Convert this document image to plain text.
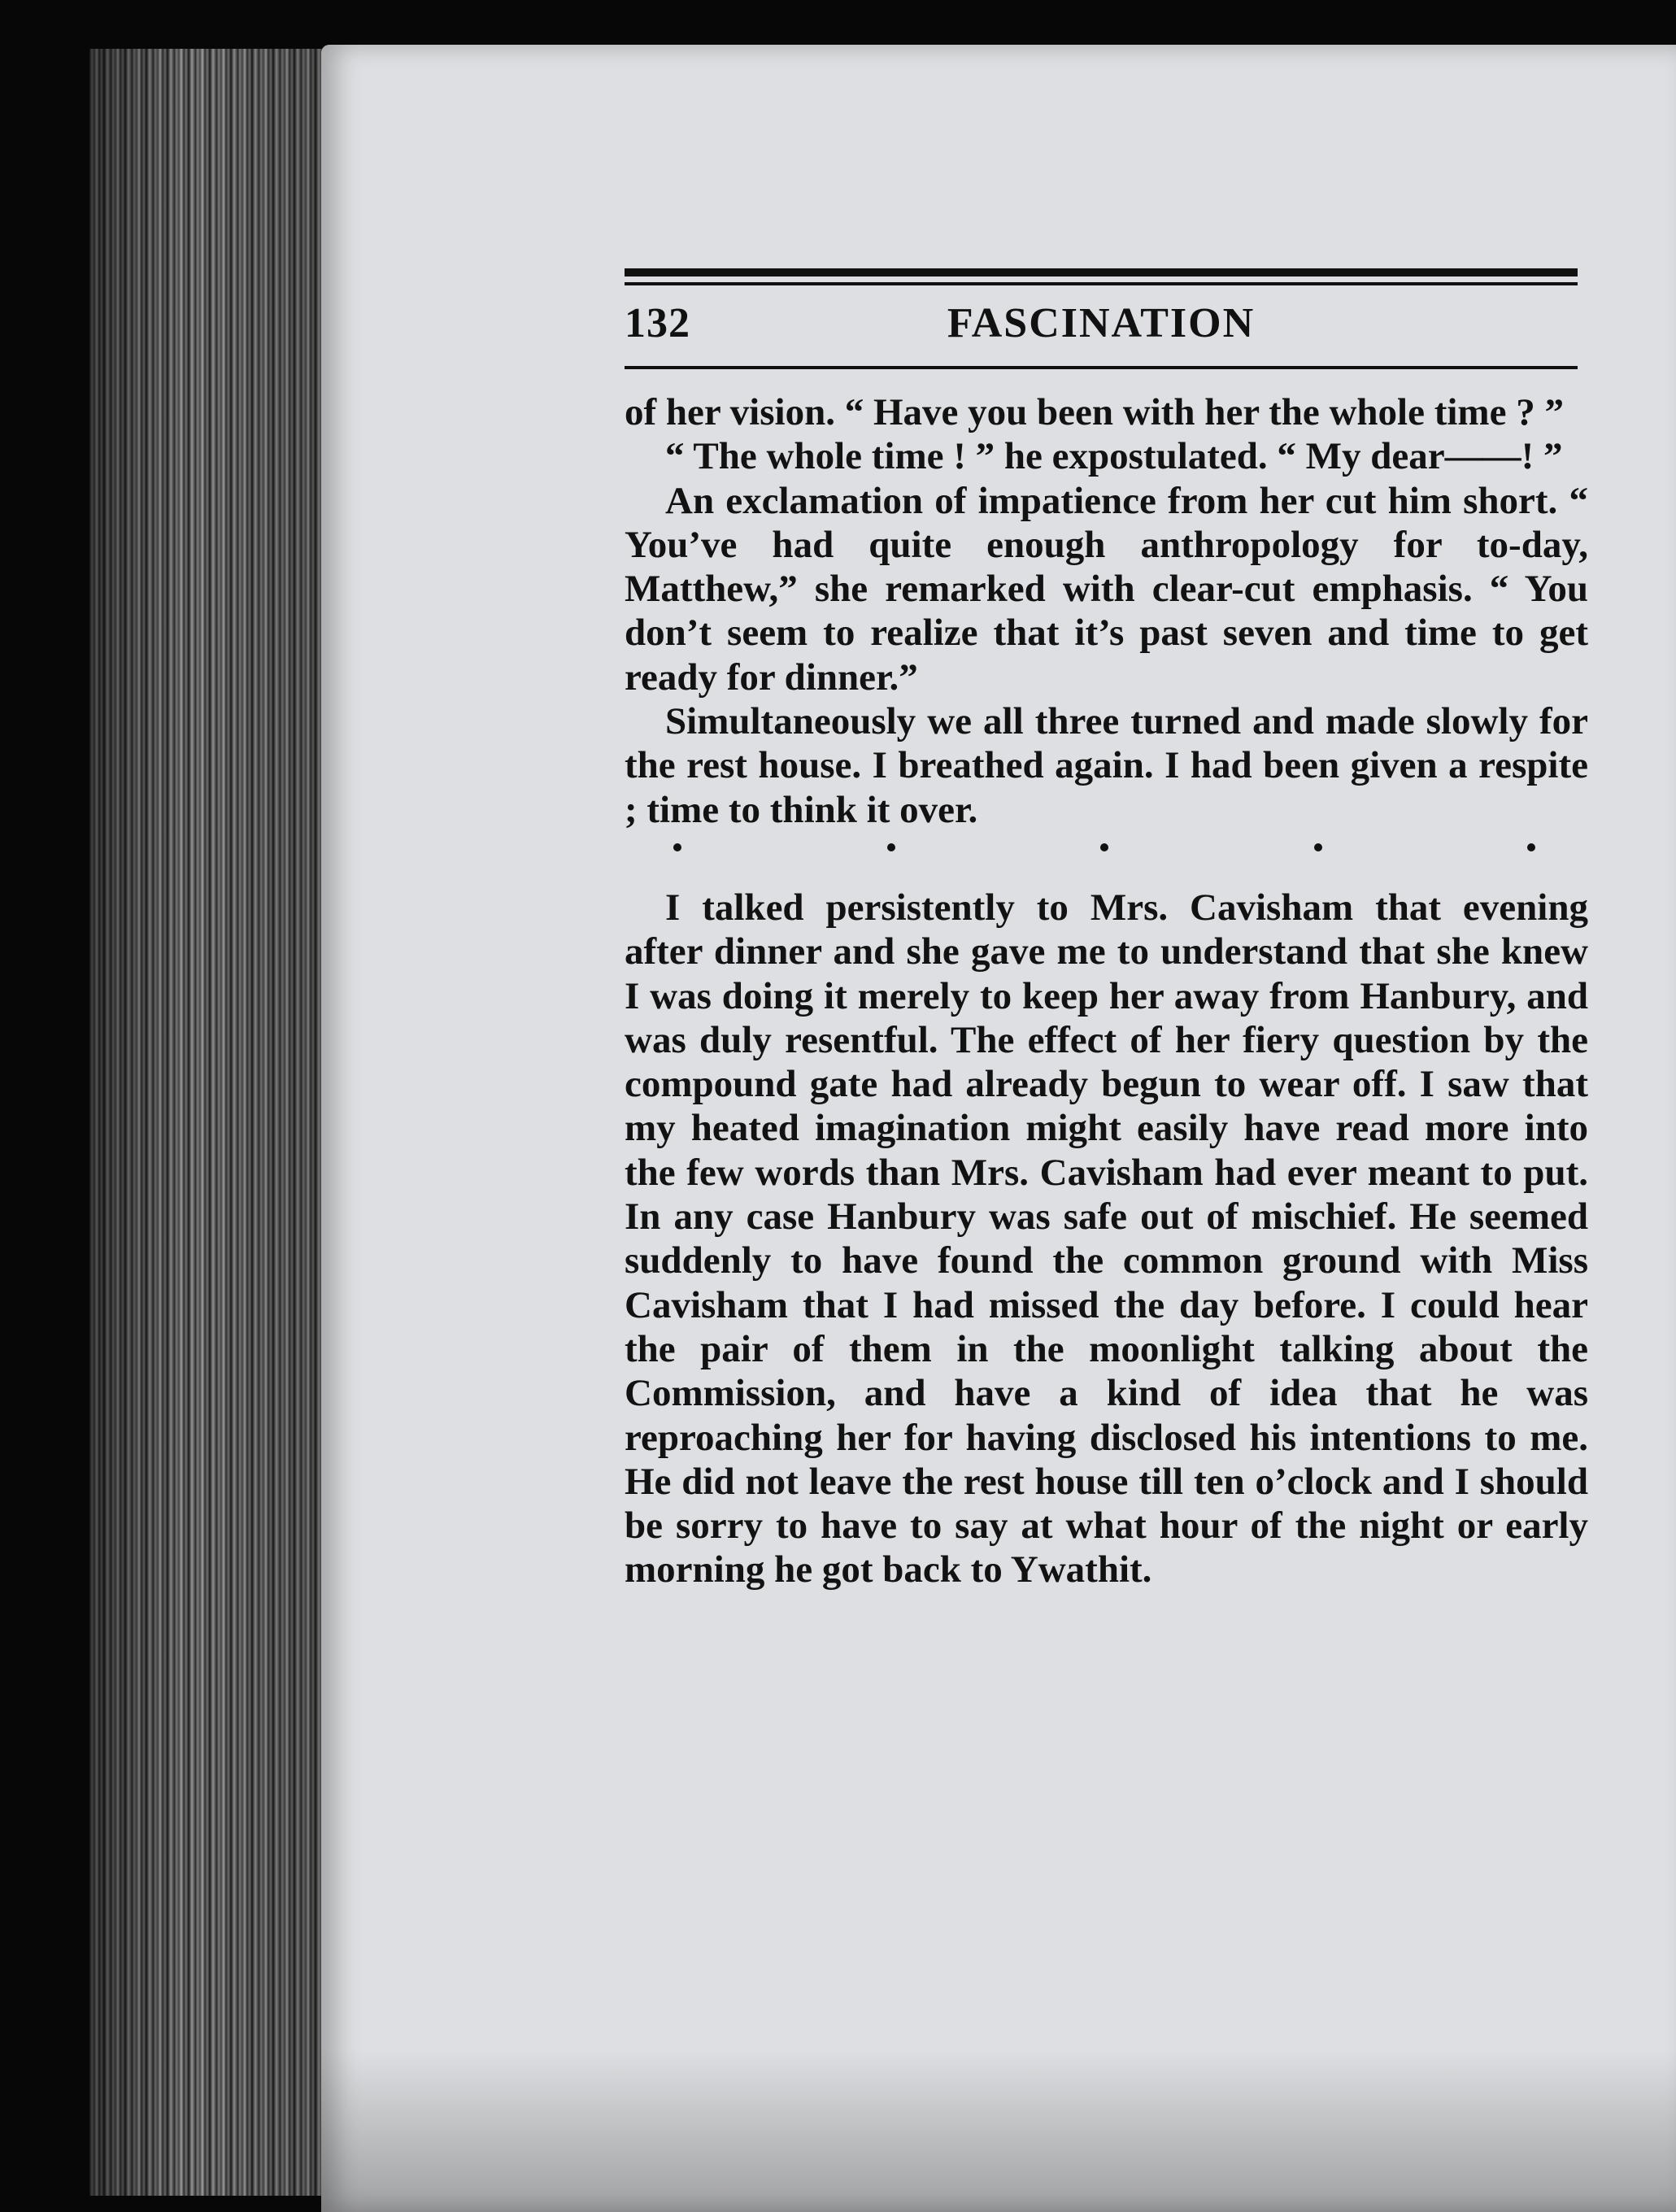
132	FASCINATION

of her vision. “ Have you been with her the whole time ? ”

“ The whole time ! ” he expostulated. “ My dear——! ”

An exclamation of impatience from her cut him short. “ You’ve had quite enough anthropology for to-day, Matthew,” she remarked with clear-cut emphasis. “ You don’t seem to realize that it’s past seven and time to get ready for dinner.”

Simultaneously we all three turned and made slowly for the rest house. I breathed again. I had been given a respite ; time to think it over.

I talked persistently to Mrs. Cavisham that evening after dinner and she gave me to understand that she knew I was doing it merely to keep her away from Hanbury, and was duly resentful. The effect of her fiery question by the compound gate had already begun to wear off. I saw that my heated imagination might easily have read more into the few words than Mrs. Cavisham had ever meant to put. In any case Hanbury was safe out of mischief. He seemed suddenly to have found the common ground with Miss Cavisham that I had missed the day before. I could hear the pair of them in the moonlight talking about the Commission, and have a kind of idea that he was reproaching her for having disclosed his intentions to me. He did not leave the rest house till ten o’clock and I should be sorry to have to say at what hour of the night or early morning he got back to Ywathit.
